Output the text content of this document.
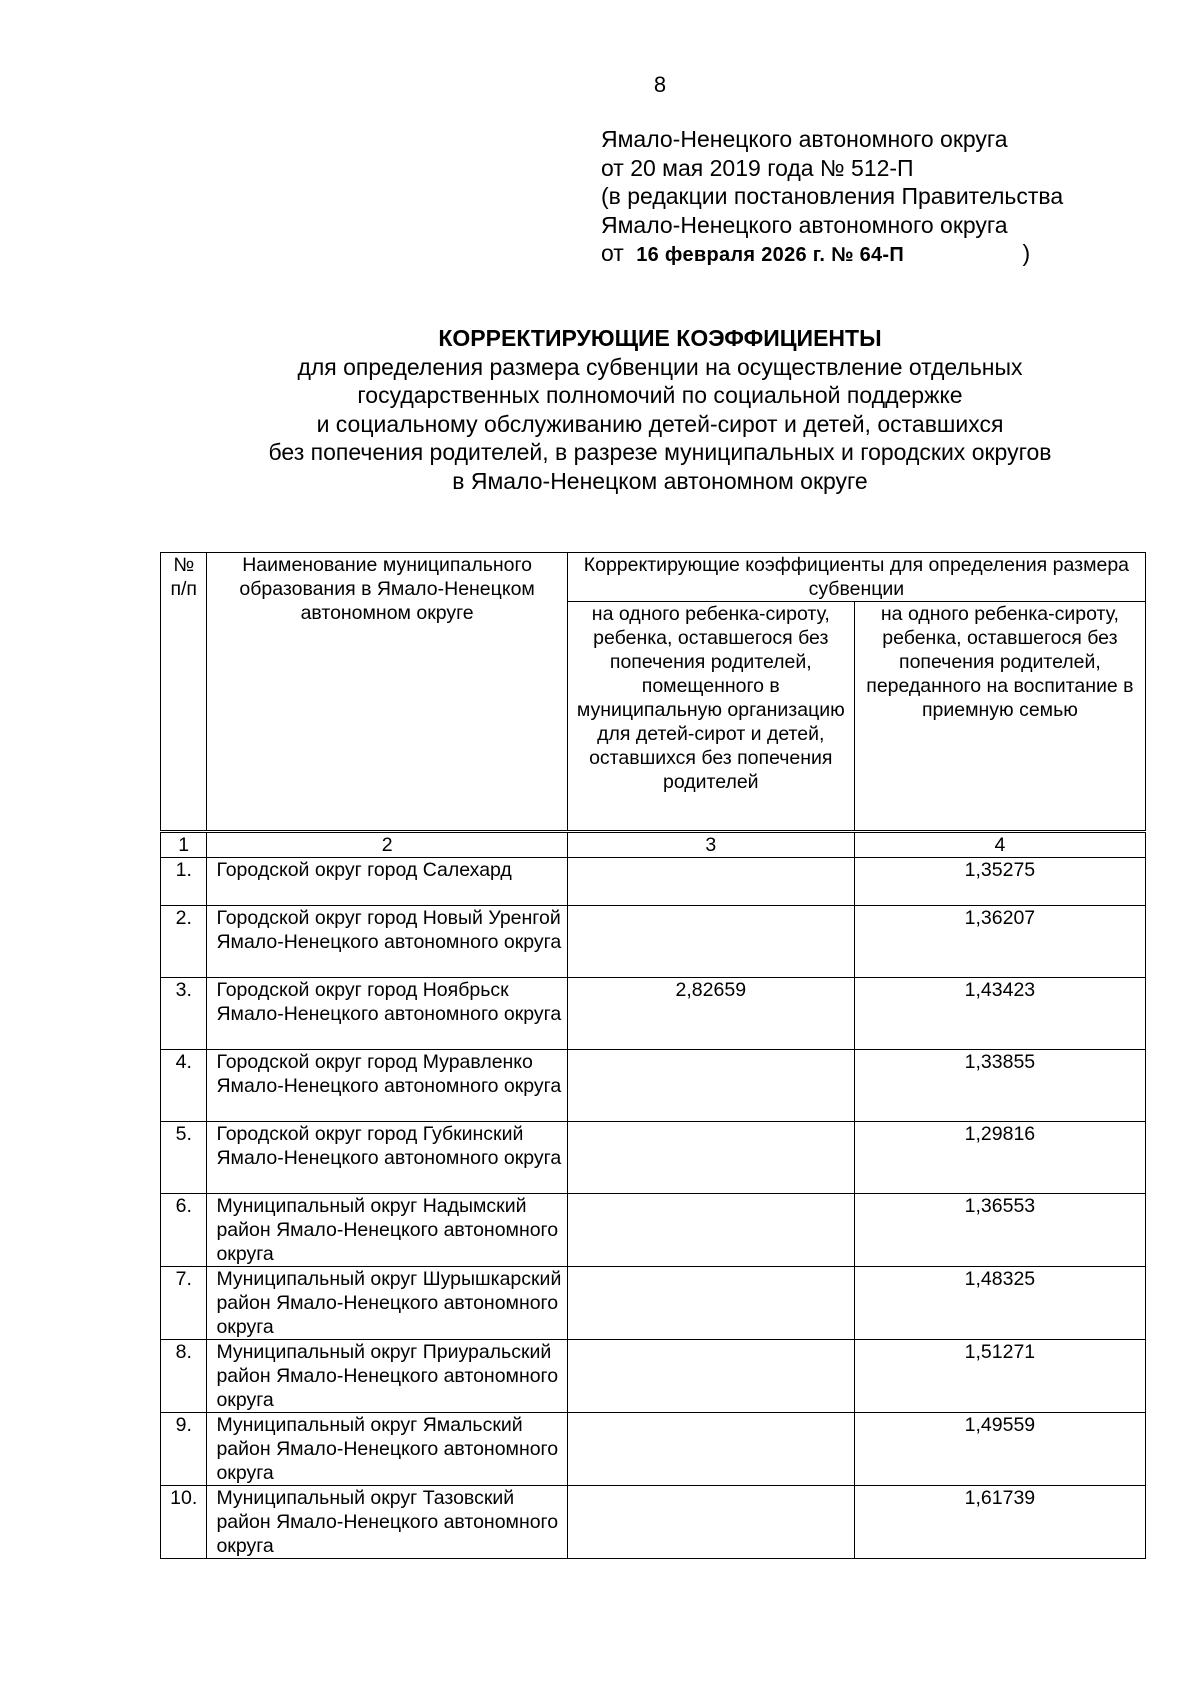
8
Ямало-Ненецкого автономного округа
от 20 мая 2019 года № 512-П
(в редакции постановления Правительства
Ямало-Ненецкого автономного округа
от 16 февраля 2026 г. № 64-П	)
КОРРЕКТИРУЮЩИЕ КОЭФФИЦИЕНТЫ
для определения размера субвенции на осуществление отдельных
государственных полномочий по социальной поддержке
и социальному обслуживанию детей-сирот и детей, оставшихся
без попечения родителей, в разрезе муниципальных и городских округов
в Ямало-Ненецком автономном округе
№ п/п	Наименование муниципального образования в Ямало-Ненецком автономном округе	Корректирующие коэффициенты для определения размера субвенции	
		на одного ребенка-сироту, ребенка, оставшегося без попечения родителей, помещенного в муниципальную организацию для детей-сирот и детей, оставшихся без попечения родителей	на одного ребенка-сироту, ребенка, оставшегося без попечения родителей, переданного на воспитание в приемную семью
1	2	3	4
1.	Городской округ город Салехард		1,35275
2.	Городской округ город Новый Уренгой Ямало-Ненецкого автономного округа		1,36207
3.	Городской округ город Ноябрьск Ямало-Ненецкого автономного округа	2,82659	1,43423
4.	Городской округ город Муравленко Ямало-Ненецкого автономного округа		1,33855
5.	Городской округ город Губкинский Ямало-Ненецкого автономного округа		1,29816
6.	Муниципальный округ Надымский район Ямало-Ненецкого автономного округа		1,36553
7.	Муниципальный округ Шурышкарский район Ямало-Ненецкого автономного округа		1,48325
8.	Муниципальный округ Приуральский район Ямало-Ненецкого автономного округа		1,51271
9.	Муниципальный округ Ямальский район Ямало-Ненецкого автономного округа		1,49559
10.	Муниципальный округ Тазовский район Ямало-Ненецкого автономного округа		1,61739
